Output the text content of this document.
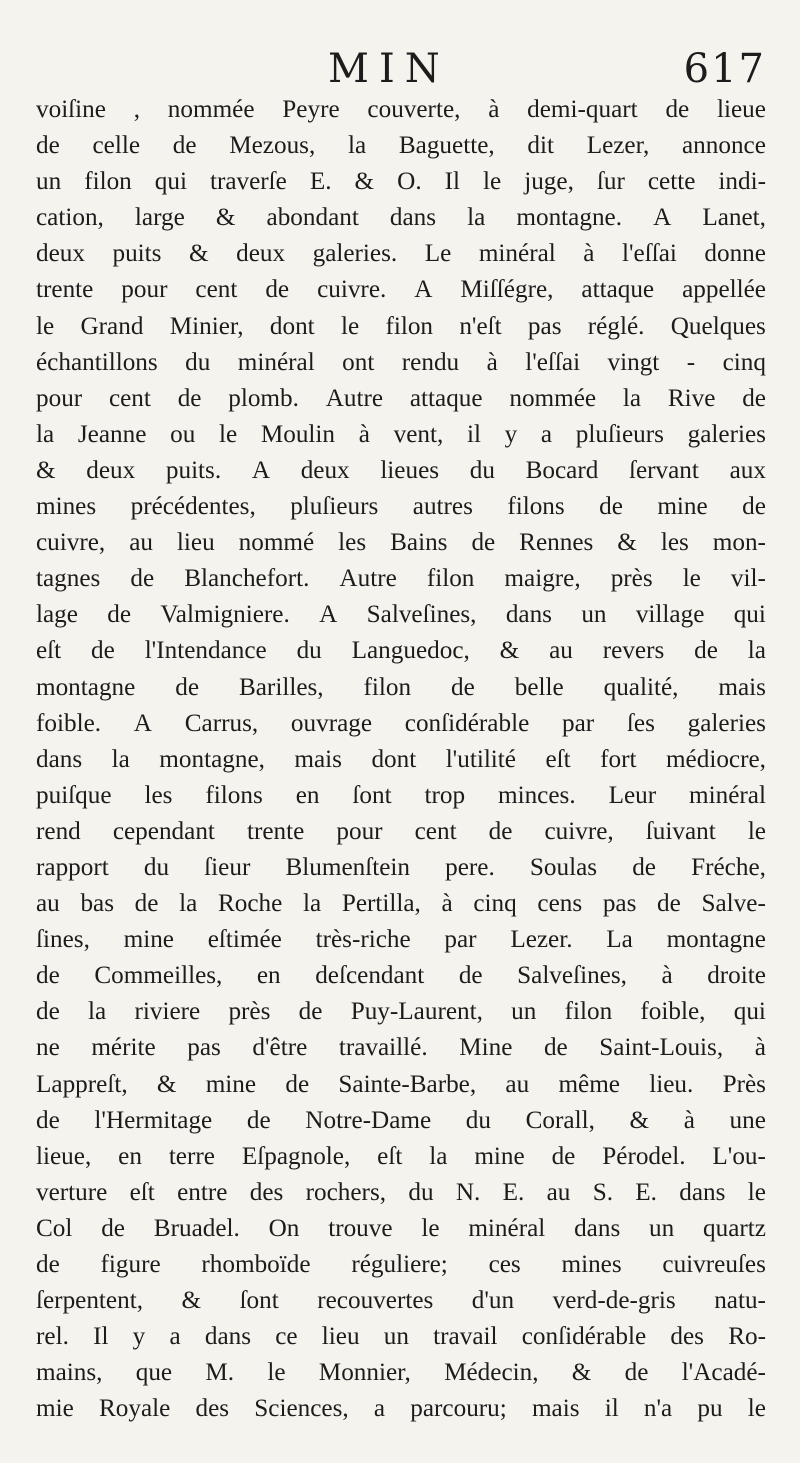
MIN	617
voiſine , nommée Peyre couverte, à demi-quart de lieue
de celle de Mezous, la Baguette, dit Lezer, annonce
un filon qui traverſe E. & O. Il le juge, ſur cette indi-
cation, large & abondant dans la montagne. A Lanet,
deux puits & deux galeries. Le minéral à l'eſſai donne
trente pour cent de cuivre. A Miſſégre, attaque appellée
le Grand Minier, dont le filon n'eſt pas réglé. Quelques
échantillons du minéral ont rendu à l'eſſai vingt - cinq
pour cent de plomb. Autre attaque nommée la Rive de
la Jeanne ou le Moulin à vent, il y a pluſieurs galeries
& deux puits. A deux lieues du Bocard ſervant aux
mines précédentes, pluſieurs autres filons de mine de
cuivre, au lieu nommé les Bains de Rennes & les mon-
tagnes de Blanchefort. Autre filon maigre, près le vil-
lage de Valmigniere. A Salveſines, dans un village qui
eſt de l'Intendance du Languedoc, & au revers de la
montagne de Barilles, filon de belle qualité, mais
foible. A Carrus, ouvrage conſidérable par ſes galeries
dans la montagne, mais dont l'utilité eſt fort médiocre,
puiſque les filons en ſont trop minces. Leur minéral
rend cependant trente pour cent de cuivre, ſuivant le
rapport du ſieur Blumenſtein pere. Soulas de Fréche,
au bas de la Roche la Pertilla, à cinq cens pas de Salve-
ſines, mine eſtimée très-riche par Lezer. La montagne
de Commeilles, en deſcendant de Salveſines, à droite
de la riviere près de Puy-Laurent, un filon foible, qui
ne mérite pas d'être travaillé. Mine de Saint-Louis, à
Lappreſt, & mine de Sainte-Barbe, au même lieu. Près
de l'Hermitage de Notre-Dame du Corall, & à une
lieue, en terre Eſpagnole, eſt la mine de Pérodel. L'ou-
verture eſt entre des rochers, du N. E. au S. E. dans le
Col de Bruadel. On trouve le minéral dans un quartz
de figure rhomboïde réguliere; ces mines cuivreuſes
ſerpentent, & ſont recouvertes d'un verd-de-gris natu-
rel. Il y a dans ce lieu un travail conſidérable des Ro-
mains, que M. le Monnier, Médecin, & de l'Acadé-
mie Royale des Sciences, a parcouru; mais il n'a pu le
